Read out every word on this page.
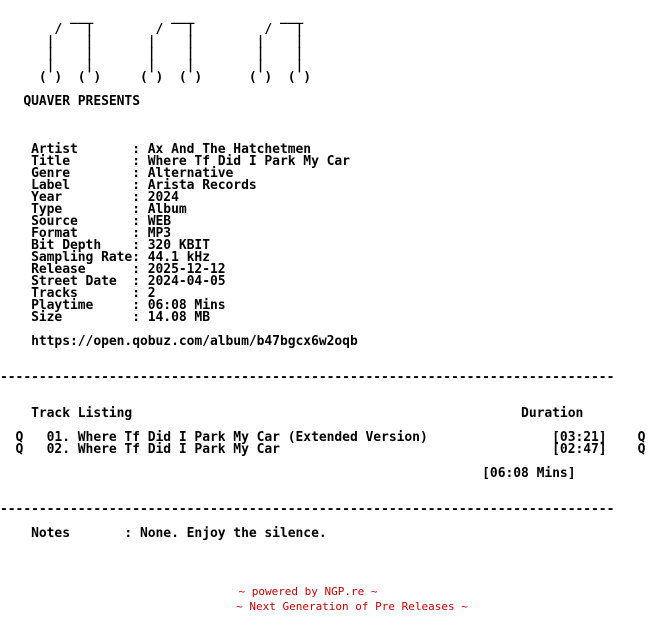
___          ___           ___
/   |        /   |         /   |
|    |       |    |        |    |
|    |       |    |        |    |
|    |       |    |        |    |
( )  ( )     ( )  ( )      ( )  ( )
QUAVER PRESENTS
Artist       : Ax And The Hatchetmen
Title        : Where Tf Did I Park My Car
Genre        : Alternative
Label        : Arista Records
Year         : 2024
Type         : Album
Source       : WEB
Format       : MP3
Bit Depth    : 320 KBIT
Sampling Rate: 44.1 kHz
Release      : 2025-12-12
Street Date  : 2024-04-05
Tracks       : 2
Playtime     : 06:08 Mins
Size         : 14.08 MB
https://open.qobuz.com/album/b47bgcx6w2oqb
-------------------------------------------------------------------------------
Track Listing                                                  Duration
Q   01. Where Tf Did I Park My Car (Extended Version)                [03:21]    Q
Q   02. Where Tf Did I Park My Car                                   [02:47]    Q
[06:08 Mins]
-------------------------------------------------------------------------------
Notes       : None. Enjoy the silence.
~ powered by NGP.re ~
~ Next Generation of Pre Releases ~
